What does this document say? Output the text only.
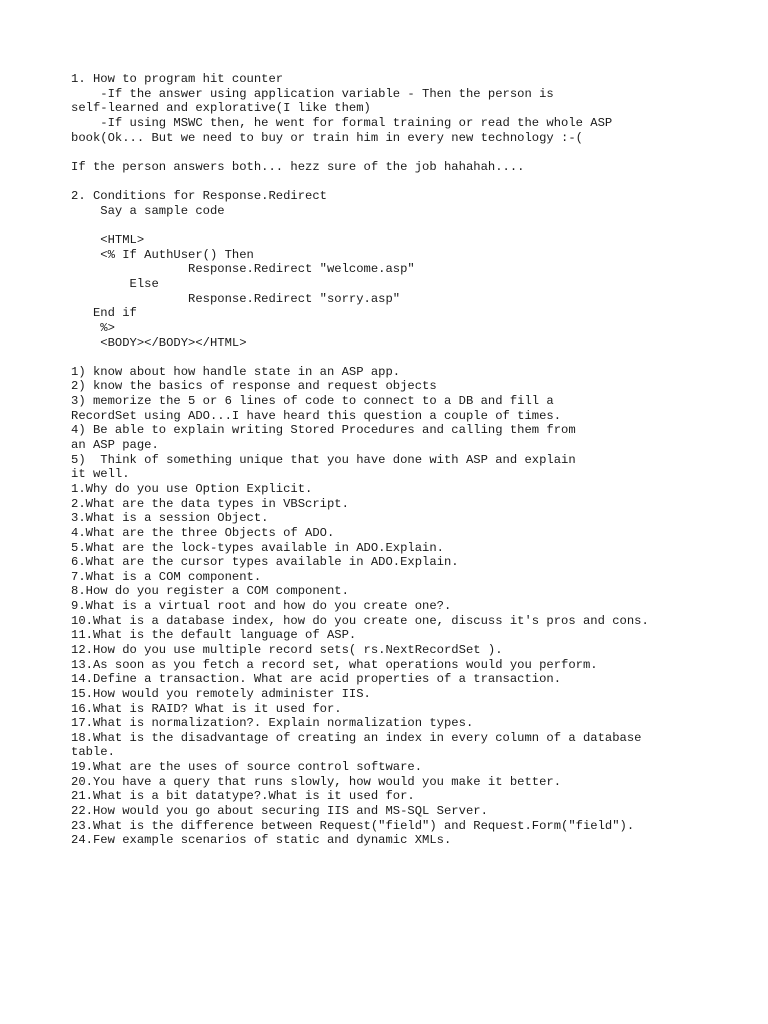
1. How to program hit counter
-If the answer using application variable - Then the person is
self-learned and explorative(I like them)
-If using MSWC then, he went for formal training or read the whole ASP
book(Ok... But we need to buy or train him in every new technology :-(
If the person answers both... hezz sure of the job hahahah....
2. Conditions for Response.Redirect
Say a sample code
<HTML>
<% If AuthUser() Then
Response.Redirect "welcome.asp"
Else
Response.Redirect "sorry.asp"
End if
%>
<BODY></BODY></HTML>
1) know about how handle state in an ASP app.
2) know the basics of response and request objects
3) memorize the 5 or 6 lines of code to connect to a DB and fill a
RecordSet using ADO...I have heard this question a couple of times.
4) Be able to explain writing Stored Procedures and calling them from
an ASP page.
5)  Think of something unique that you have done with ASP and explain
it well.
1.Why do you use Option Explicit.
2.What are the data types in VBScript.
3.What is a session Object.
4.What are the three Objects of ADO.
5.What are the lock-types available in ADO.Explain.
6.What are the cursor types available in ADO.Explain.
7.What is a COM component.
8.How do you register a COM component.
9.What is a virtual root and how do you create one?.
10.What is a database index, how do you create one, discuss it's pros and cons.
11.What is the default language of ASP.
12.How do you use multiple record sets( rs.NextRecordSet ).
13.As soon as you fetch a record set, what operations would you perform.
14.Define a transaction. What are acid properties of a transaction.
15.How would you remotely administer IIS.
16.What is RAID? What is it used for.
17.What is normalization?. Explain normalization types.
18.What is the disadvantage of creating an index in every column of a database
table.
19.What are the uses of source control software.
20.You have a query that runs slowly, how would you make it better.
21.What is a bit datatype?.What is it used for.
22.How would you go about securing IIS and MS-SQL Server.
23.What is the difference between Request("field") and Request.Form("field").
24.Few example scenarios of static and dynamic XMLs.
